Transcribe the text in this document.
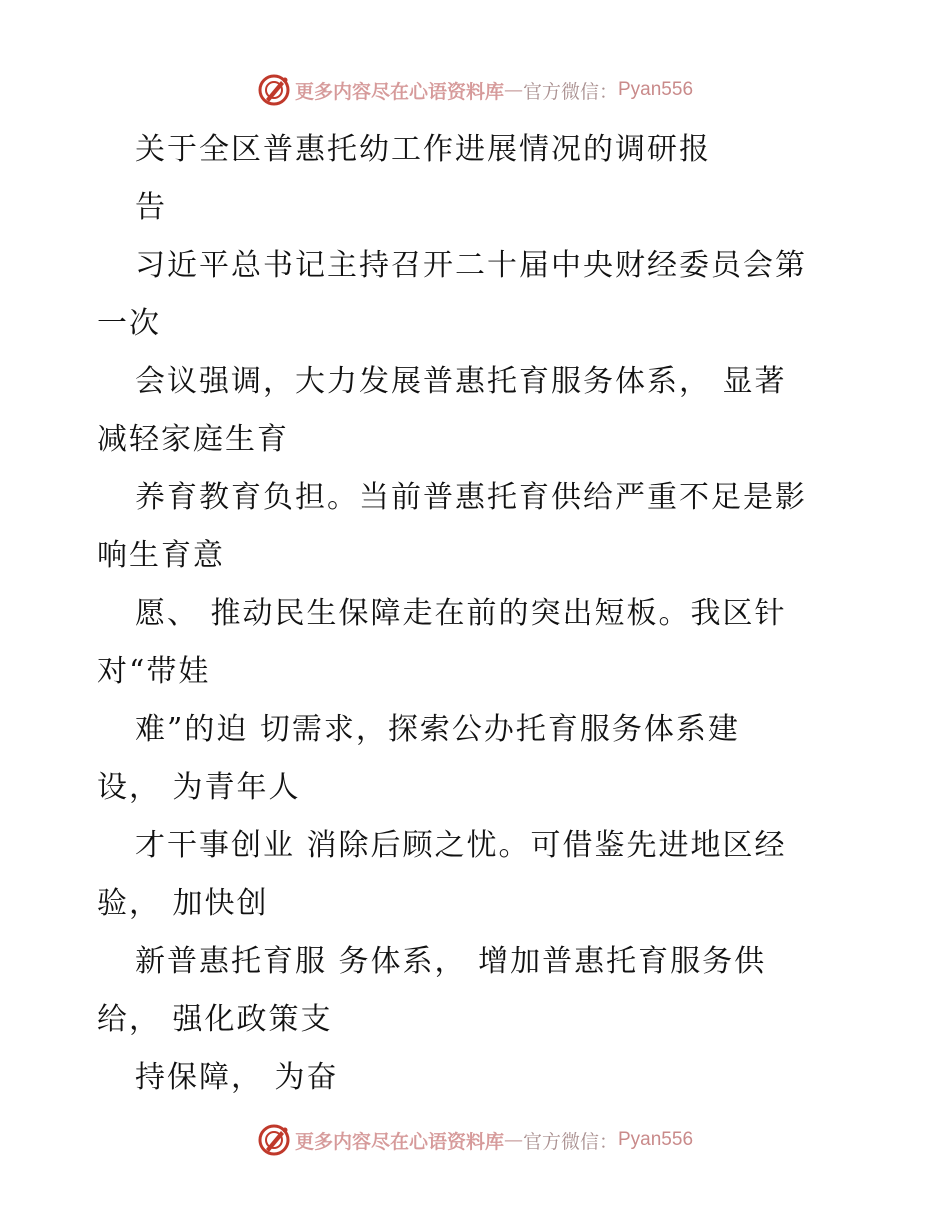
更多内容尽在心语资料库 — 官方微信： Pyan556
关于全区普惠托幼工作进展情况的调研报
告
习近平总书记主持召开二十届中央财经委员会第
一次
会议强调，大力发展普惠托育服务体系， 显著
减轻家庭生育
养育教育负担。当前普惠托育供给严重不足是影
响生育意
愿、 推动民生保障走在前的突出短板。我区针
对“带娃
难”的迫 切需求，探索公办托育服务体系建
设， 为青年人
才干事创业 消除后顾之忧。可借鉴先进地区经
验， 加快创
新普惠托育服 务体系， 增加普惠托育服务供
给， 强化政策支
持保障， 为奋
更多内容尽在心语资料库 — 官方微信： Pyan556
